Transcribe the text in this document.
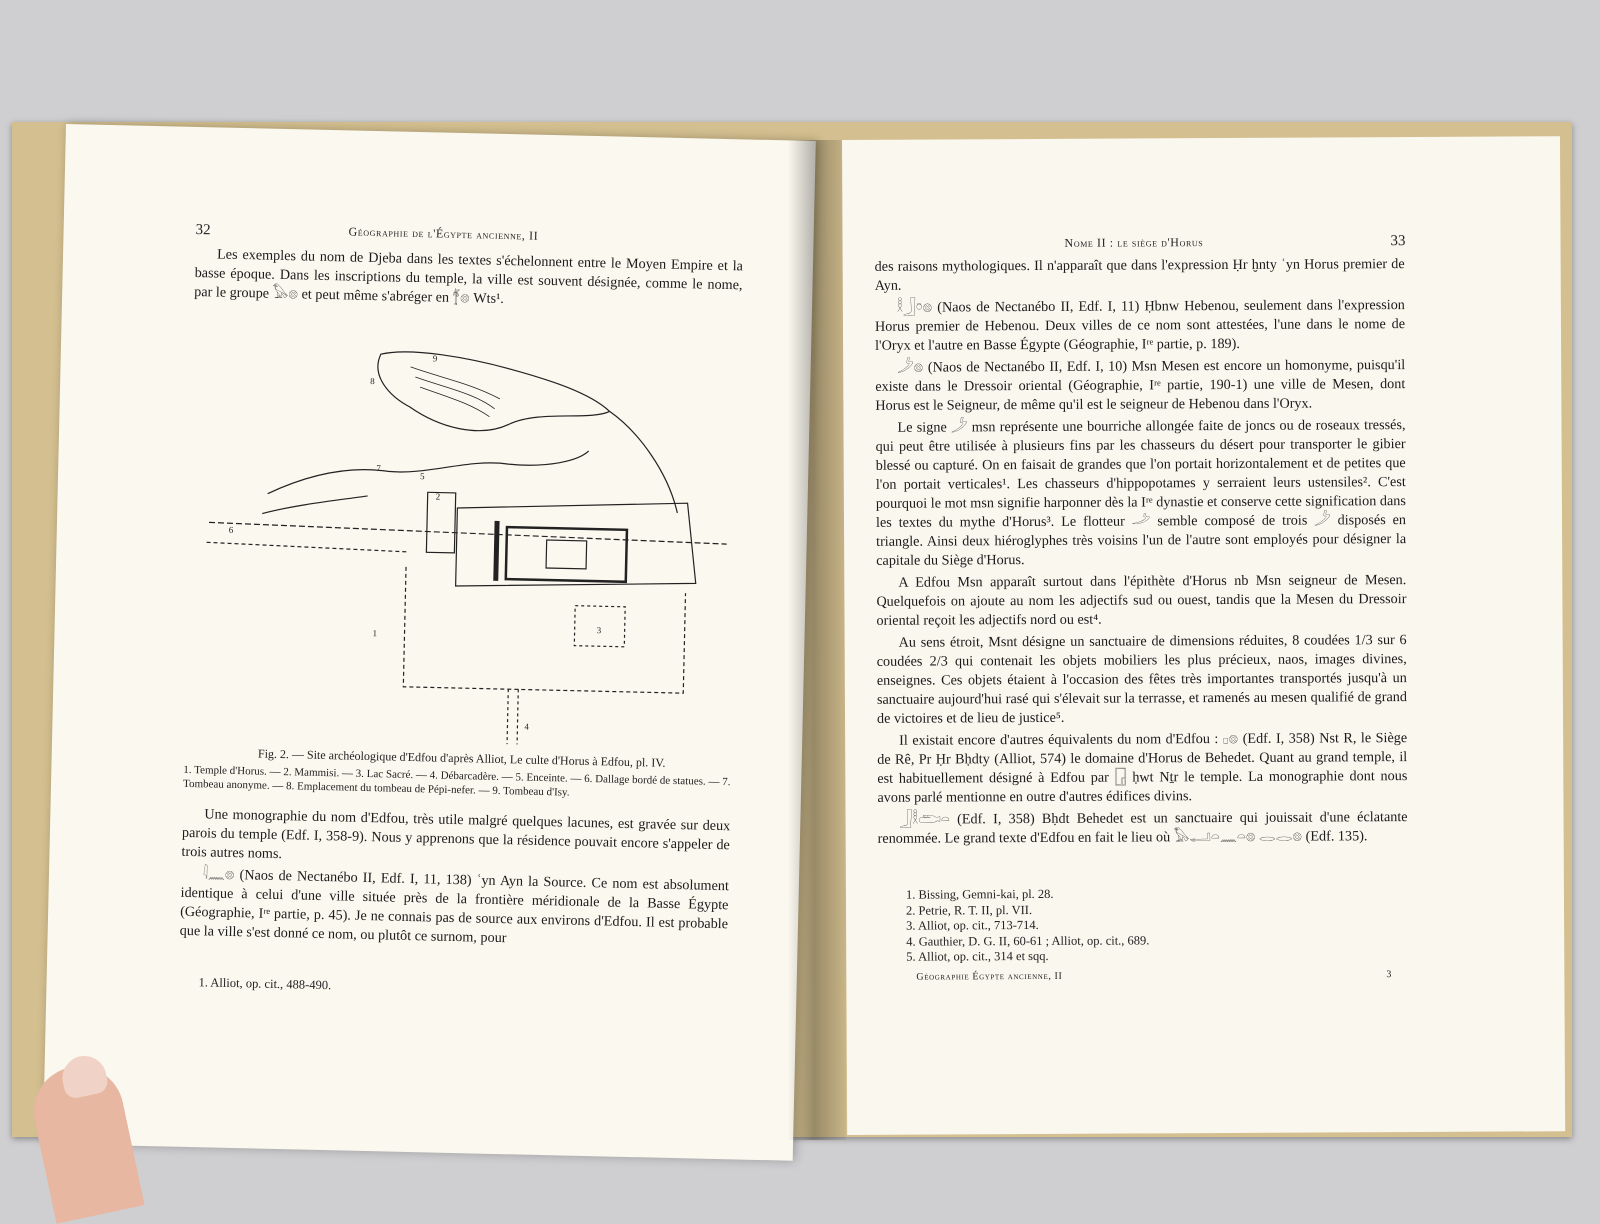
32	Géographie de l'Égypte ancienne, II

Les exemples du nom de Djeba dans les textes s'échelonnent entre le Moyen Empire et la basse époque. Dans les inscriptions du temple, la ville est souvent désignée, comme le nome, par le groupe 𓅃𓊖 et peut même s'abréger en 𓋆𓊖 Wts¹.

1
2
3
4
5
6
7
8
9
Fig. 2. — Site archéologique d'Edfou d'après Alliot, Le culte d'Horus à Edfou, pl. IV.
1. Temple d'Horus. — 2. Mammisi. — 3. Lac Sacré. — 4. Débarcadère. — 5. Enceinte. — 6. Dallage bordé de statues. — 7. Tombeau anonyme. — 8. Emplacement du tombeau de Pépi-nefer. — 9. Tombeau d'Isy.

Une monographie du nom d'Edfou, très utile malgré quelques lacunes, est gravée sur deux parois du temple (Edf. I, 358-9). Nous y apprenons que la résidence pouvait encore s'appeler de trois autres noms.

𓇋𓈖𓊖 (Naos de Nectanébo II, Edf. I, 11, 138) ʿyn Ayn la Source. Ce nom est absolument identique à celui d'une ville située près de la frontière méridionale de la Basse Égypte (Géographie, Iʳᵉ partie, p. 45). Je ne connais pas de source aux environs d'Edfou. Il est probable que la ville s'est donné ce nom, ou plutôt ce surnom, pour

1. Alliot, op. cit., 488-490.
Nome II : le siège d'Horus	33

des raisons mythologiques. Il n'apparaît que dans l'expression Ḥr ḫnty ʿyn Horus premier de Ayn.

𓎛𓃀𓏌𓊖 (Naos de Nectanébo II, Edf. I, 11) Ḥbnw Hebenou, seulement dans l'expression Horus premier de Hebenou. Deux villes de ce nom sont attestées, l'une dans le nome de l'Oryx et l'autre en Basse Égypte (Géographie, Iʳᵉ partie, p. 189).

𓌳𓊖 (Naos de Nectanébo II, Edf. I, 10) Msn Mesen est encore un homonyme, puisqu'il existe dans le Dressoir oriental (Géographie, Iʳᵉ partie, 190-1) une ville de Mesen, dont Horus est le Seigneur, de même qu'il est le seigneur de Hebenou dans l'Oryx.

Le signe 𓌳 msn représente une bourriche allongée faite de joncs ou de roseaux tressés, qui peut être utilisée à plusieurs fins par les chasseurs du désert pour transporter le gibier blessé ou capturé. On en faisait de grandes que l'on portait horizontalement et de petites que l'on portait verticales¹. Les chasseurs d'hippopotames y serraient leurs ustensiles². C'est pourquoi le mot msn signifie harponner dès la Iʳᵉ dynastie et conserve cette signification dans les textes du mythe d'Horus³. Le flotteur 𓌴 semble composé de trois 𓌳 disposés en triangle. Ainsi deux hiéroglyphes très voisins l'un de l'autre sont employés pour désigner la capitale du Siège d'Horus.

A Edfou Msn apparaît surtout dans l'épithète d'Horus nb Msn seigneur de Mesen. Quelquefois on ajoute au nom les adjectifs sud ou ouest, tandis que la Mesen du Dressoir oriental reçoit les adjectifs nord ou est⁴.

Au sens étroit, Msnt désigne un sanctuaire de dimensions réduites, 8 coudées 1/3 sur 6 coudées 2/3 qui contenait les objets mobiliers les plus précieux, naos, images divines, enseignes. Ces objets étaient à l'occasion des fêtes très importantes transportés jusqu'à un sanctuaire aujourd'hui rasé qui s'élevait sur la terrasse, et ramenés au mesen qualifié de grand de victoires et de lieu de justice⁵.

Il existait encore d'autres équivalents du nom d'Edfou : 𓊪𓊖 (Edf. I, 358) Nst R, le Siège de Rê, Pr Ḥr Bḥdty (Alliot, 574) le domaine d'Horus de Behedet. Quant au grand temple, il est habituellement désigné à Edfou par 𓉗 ḥwt Nṯr le temple. La monographie dont nous avons parlé mentionne en outre d'autres édifices divins.

𓃀𓎛𓂧𓏏 (Edf. I, 358) Bḥdt Behedet est un sanctuaire qui jouissait d'une éclatante renommée. Le grand texte d'Edfou en fait le lieu où 𓅃𓂝𓏏𓈖𓏏𓊖 𓂋𓂋𓊖 (Edf. 135).

1. Bissing, Gemni-kai, pl. 28.
2. Petrie, R. T. II, pl. VII.
3. Alliot, op. cit., 713-714.
4. Gauthier, D. G. II, 60-61 ; Alliot, op. cit., 689.
5. Alliot, op. cit., 314 et sqq.
Géographie Égypte ancienne, II	3
